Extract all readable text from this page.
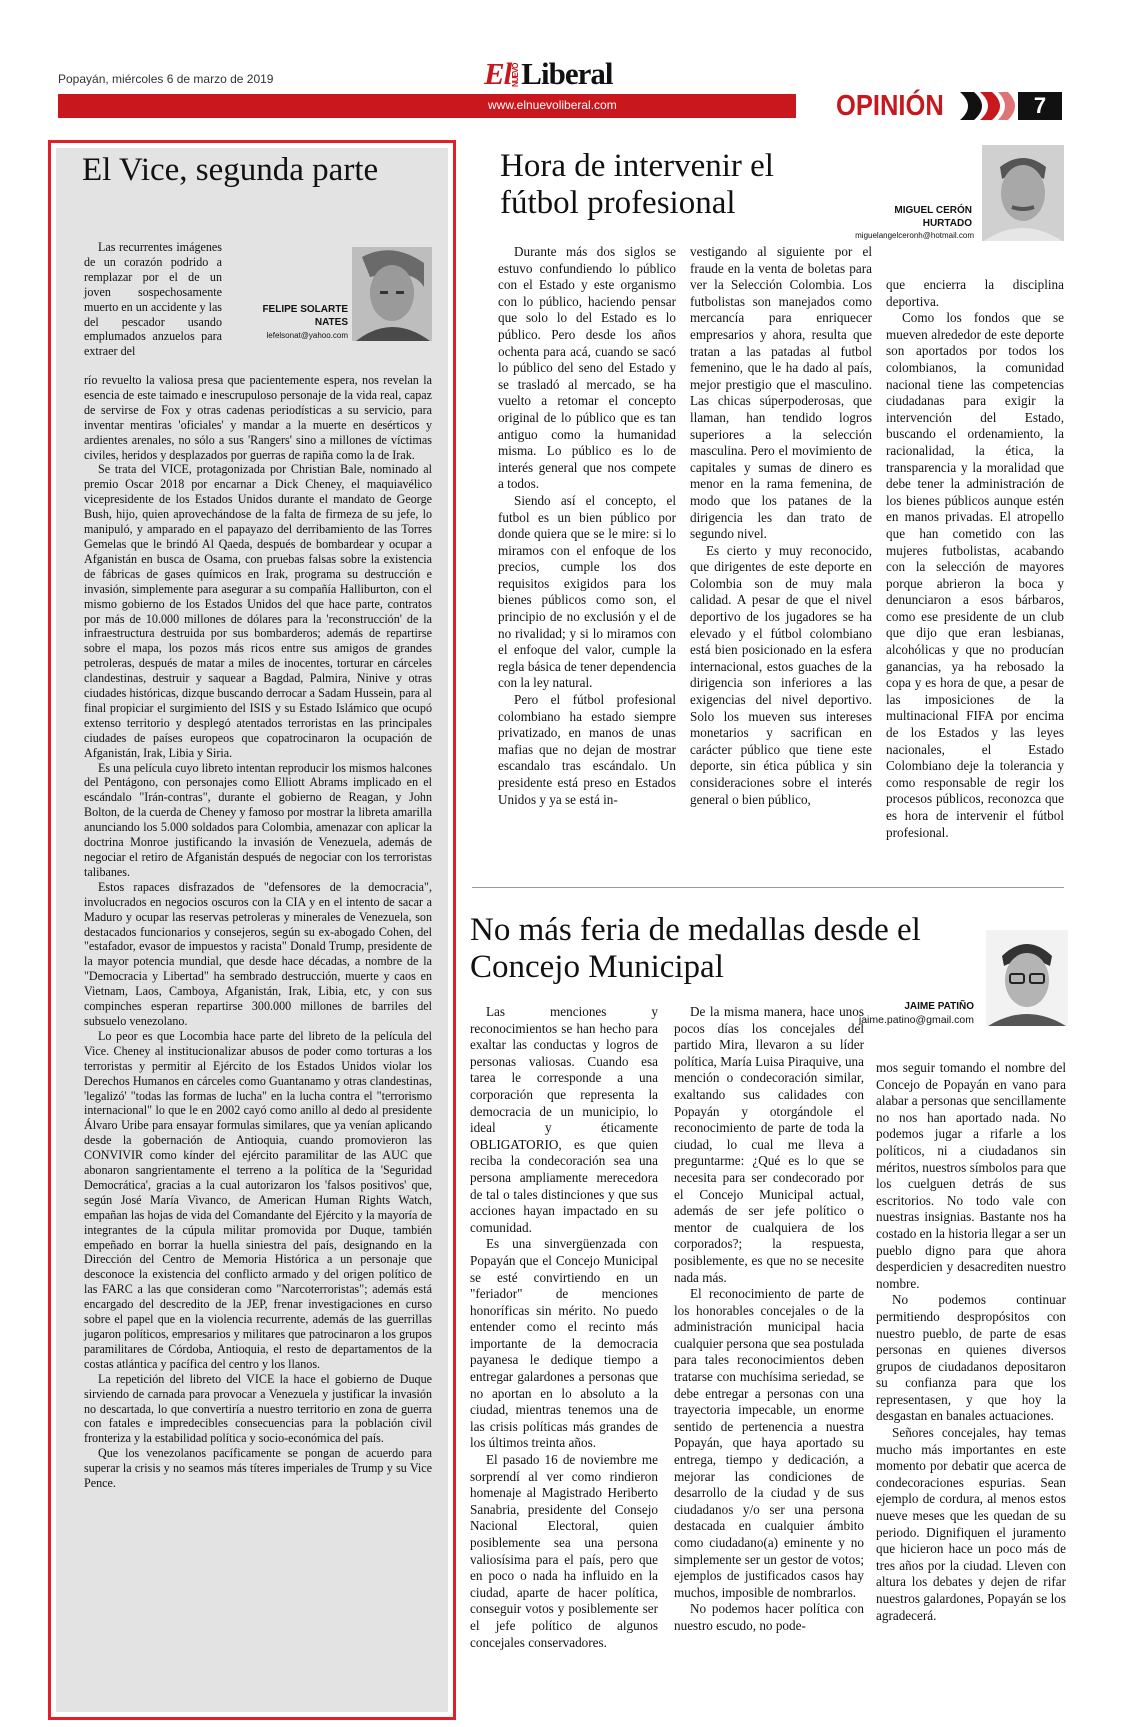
Popayán, miércoles 6 de marzo de 2019	ElNUEVOLiberal
www.elnuevoliberal.com	OPINIÓN	7
El Vice, segunda parte
FELIPE SOLARTE NATES
lefelsonat@yahoo.com

Las recurrentes imágenes de un corazón podrido a remplazar por el de un joven sospechosamente muerto en un accidente y las del pescador usando emplumados anzuelos para extraer del

río revuelto la valiosa presa que pacientemente espera, nos revelan la esencia de este taimado e inescrupuloso personaje de la vida real, capaz de servirse de Fox y otras cadenas periodísticas a su servicio, para inventar mentiras 'oficiales' y mandar a la muerte en desérticos y ardientes arenales, no sólo a sus 'Rangers' sino a millones de víctimas civiles, heridos y desplazados por guerras de rapiña como la de Irak.

Se trata del VICE, protagonizada por Christian Bale, nominado al premio Oscar 2018 por encarnar a Dick Cheney, el maquiavélico vicepresidente de los Estados Unidos durante el mandato de George Bush, hijo, quien aprovechándose de la falta de firmeza de su jefe, lo manipuló, y amparado en el papayazo del derribamiento de las Torres Gemelas que le brindó Al Qaeda, después de bombardear y ocupar a Afganistán en busca de Osama, con pruebas falsas sobre la existencia de fábricas de gases químicos en Irak, programa su destrucción e invasión, simplemente para asegurar a su compañía Halliburton, con el mismo gobierno de los Estados Unidos del que hace parte, contratos por más de 10.000 millones de dólares para la 'reconstrucción' de la infraestructura destruida por sus bombarderos; además de repartirse sobre el mapa, los pozos más ricos entre sus amigos de grandes petroleras, después de matar a miles de inocentes, torturar en cárceles clandestinas, destruir y saquear a Bagdad, Palmira, Ninive y otras ciudades históricas, dizque buscando derrocar a Sadam Hussein, para al final propiciar el surgimiento del ISIS y su Estado Islámico que ocupó extenso territorio y desplegó atentados terroristas en las principales ciudades de países europeos que copatrocinaron la ocupación de Afganistán, Irak, Libia y Siria.

Es una película cuyo libreto intentan reproducir los mismos halcones del Pentágono, con personajes como Elliott Abrams implicado en el escándalo "Irán-contras", durante el gobierno de Reagan, y John Bolton, de la cuerda de Cheney y famoso por mostrar la libreta amarilla anunciando los 5.000 soldados para Colombia, amenazar con aplicar la doctrina Monroe justificando la invasión de Venezuela, además de negociar el retiro de Afganistán después de negociar con los terroristas talibanes.

Estos rapaces disfrazados de "defensores de la democracia", involucrados en negocios oscuros con la CIA y en el intento de sacar a Maduro y ocupar las reservas petroleras y minerales de Venezuela, son destacados funcionarios y consejeros, según su ex-abogado Cohen, del "estafador, evasor de impuestos y racista" Donald Trump, presidente de la mayor potencia mundial, que desde hace décadas, a nombre de la "Democracia y Libertad" ha sembrado destrucción, muerte y caos en Vietnam, Laos, Camboya, Afganistán, Irak, Libia, etc, y con sus compinches esperan repartirse 300.000 millones de barriles del subsuelo venezolano.

Lo peor es que Locombia hace parte del libreto de la película del Vice. Cheney al institucionalizar abusos de poder como torturas a los terroristas y permitir al Ejército de los Estados Unidos violar los Derechos Humanos en cárceles como Guantanamo y otras clandestinas, 'legalizó' "todas las formas de lucha" en la lucha contra el "terrorismo internacional" lo que le en 2002 cayó como anillo al dedo al presidente Álvaro Uribe para ensayar formulas similares, que ya venían aplicando desde la gobernación de Antioquia, cuando promovieron las CONVIVIR como kínder del ejército paramilitar de las AUC que abonaron sangrientamente el terreno a la política de la 'Seguridad Democrática', gracias a la cual autorizaron los 'falsos positivos' que, según José María Vivanco, de American Human Rights Watch, empañan las hojas de vida del Comandante del Ejército y la mayoría de integrantes de la cúpula militar promovida por Duque, también empeñado en borrar la huella siniestra del país, designando en la Dirección del Centro de Memoria Histórica a un personaje que desconoce la existencia del conflicto armado y del origen político de las FARC a las que consideran como "Narcoterroristas"; además está encargado del descredito de la JEP, frenar investigaciones en curso sobre el papel que en la violencia recurrente, además de las guerrillas jugaron políticos, empresarios y militares que patrocinaron a los grupos paramilitares de Córdoba, Antioquia, el resto de departamentos de la costas atlántica y pacífica del centro y los llanos.

La repetición del libreto del VICE la hace el gobierno de Duque sirviendo de carnada para provocar a Venezuela y justificar la invasión no descartada, lo que convertiría a nuestro territorio en zona de guerra con fatales e impredecibles consecuencias para la población civil fronteriza y la estabilidad política y socio-económica del país.

Que los venezolanos pacíficamente se pongan de acuerdo para superar la crisis y no seamos más títeres imperiales de Trump y su Vice Pence.

Hora de intervenir el fútbol profesional	MIGUEL CERÓN HURTADO
miguelangelceronh@hotmail.com

Durante más dos siglos se estuvo confundiendo lo público con el Estado y este organismo con lo público, haciendo pensar que solo lo del Estado es lo público. Pero desde los años ochenta para acá, cuando se sacó lo público del seno del Estado y se trasladó al mercado, se ha vuelto a retomar el concepto original de lo público que es tan antiguo como la humanidad misma. Lo público es lo de interés general que nos compete a todos.

Siendo así el concepto, el futbol es un bien público por donde quiera que se le mire: si lo miramos con el enfoque de los precios, cumple los dos requisitos exigidos para los bienes públicos como son, el principio de no exclusión y el de no rivalidad; y si lo miramos con el enfoque del valor, cumple la regla básica de tener dependencia con la ley natural.

Pero el fútbol profesional colombiano ha estado siempre privatizado, en manos de unas mafias que no dejan de mostrar escandalo tras escándalo. Un presidente está preso en Estados Unidos y ya se está in-

vestigando al siguiente por el fraude en la venta de boletas para ver la Selección Colombia. Los futbolistas son manejados como mercancía para enriquecer empresarios y ahora, resulta que tratan a las patadas al futbol femenino, que le ha dado al país, mejor prestigio que el masculino. Las chicas súperpoderosas, que llaman, han tendido logros superiores a la selección masculina. Pero el movimiento de capitales y sumas de dinero es menor en la rama femenina, de modo que los patanes de la dirigencia les dan trato de segundo nivel.

Es cierto y muy reconocido, que dirigentes de este deporte en Colombia son de muy mala calidad. A pesar de que el nivel deportivo de los jugadores se ha elevado y el fútbol colombiano está bien posicionado en la esfera internacional, estos guaches de la dirigencia son inferiores a las exigencias del nivel deportivo. Solo los mueven sus intereses monetarios y sacrifican en carácter público que tiene este deporte, sin ética pública y sin consideraciones sobre el interés general o bien público,

que encierra la disciplina deportiva.

Como los fondos que se mueven alrededor de este deporte son aportados por todos los colombianos, la comunidad nacional tiene las competencias ciudadanas para exigir la intervención del Estado, buscando el ordenamiento, la racionalidad, la ética, la transparencia y la moralidad que debe tener la administración de los bienes públicos aunque estén en manos privadas. El atropello que han cometido con las mujeres futbolistas, acabando con la selección de mayores porque abrieron la boca y denunciaron a esos bárbaros, como ese presidente de un club que dijo que eran lesbianas, alcohólicas y que no producían ganancias, ya ha rebosado la copa y es hora de que, a pesar de las imposiciones de la multinacional FIFA por encima de los Estados y las leyes nacionales, el Estado Colombiano deje la tolerancia y como responsable de regir los procesos públicos, reconozca que es hora de intervenir el fútbol profesional.

No más feria de medallas desde el Concejo Municipal
JAIME PATIÑO
jaime.patino@gmail.com

Las menciones y reconocimientos se han hecho para exaltar las conductas y logros de personas valiosas. Cuando esa tarea le corresponde a una corporación que representa la democracia de un municipio, lo ideal y éticamente OBLIGATORIO, es que quien reciba la condecoración sea una persona ampliamente merecedora de tal o tales distinciones y que sus acciones hayan impactado en su comunidad.

Es una sinvergüenzada con Popayán que el Concejo Municipal se esté convirtiendo en un "feriador" de menciones honoríficas sin mérito. No puedo entender como el recinto más importante de la democracia payanesa le dedique tiempo a entregar galardones a personas que no aportan en lo absoluto a la ciudad, mientras tenemos una de las crisis políticas más grandes de los últimos treinta años.

El pasado 16 de noviembre me sorprendí al ver como rindieron homenaje al Magistrado Heriberto Sanabria, presidente del Consejo Nacional Electoral, quien posiblemente sea una persona valiosísima para el país, pero que en poco o nada ha influido en la ciudad, aparte de hacer política, conseguir votos y posiblemente ser el jefe político de algunos concejales conservadores.

De la misma manera, hace unos pocos días los concejales del partido Mira, llevaron a su líder política, María Luisa Piraquive, una mención o condecoración similar, exaltando sus calidades con Popayán y otorgándole el reconocimiento de parte de toda la ciudad, lo cual me lleva a preguntarme: ¿Qué es lo que se necesita para ser condecorado por el Concejo Municipal actual, además de ser jefe político o mentor de cualquiera de los corporados?; la respuesta, posiblemente, es que no se necesite nada más.

El reconocimiento de parte de los honorables concejales o de la administración municipal hacia cualquier persona que sea postulada para tales reconocimientos deben tratarse con muchísima seriedad, se debe entregar a personas con una trayectoria impecable, un enorme sentido de pertenencia a nuestra Popayán, que haya aportado su entrega, tiempo y dedicación, a mejorar las condiciones de desarrollo de la ciudad y de sus ciudadanos y/o ser una persona destacada en cualquier ámbito como ciudadano(a) eminente y no simplemente ser un gestor de votos; ejemplos de justificados casos hay muchos, imposible de nombrarlos.

No podemos hacer política con nuestro escudo, no pode-

mos seguir tomando el nombre del Concejo de Popayán en vano para alabar a personas que sencillamente no nos han aportado nada. No podemos jugar a rifarle a los políticos, ni a ciudadanos sin méritos, nuestros símbolos para que los cuelguen detrás de sus escritorios. No todo vale con nuestras insignias. Bastante nos ha costado en la historia llegar a ser un pueblo digno para que ahora desperdicien y desacrediten nuestro nombre.

No podemos continuar permitiendo despropósitos con nuestro pueblo, de parte de esas personas en quienes diversos grupos de ciudadanos depositaron su confianza para que los representasen, y que hoy la desgastan en banales actuaciones.

Señores concejales, hay temas mucho más importantes en este momento por debatir que acerca de condecoraciones espurias. Sean ejemplo de cordura, al menos estos nueve meses que les quedan de su periodo. Dignifiquen el juramento que hicieron hace un poco más de tres años por la ciudad. Lleven con altura los debates y dejen de rifar nuestros galardones, Popayán se los agradecerá.
